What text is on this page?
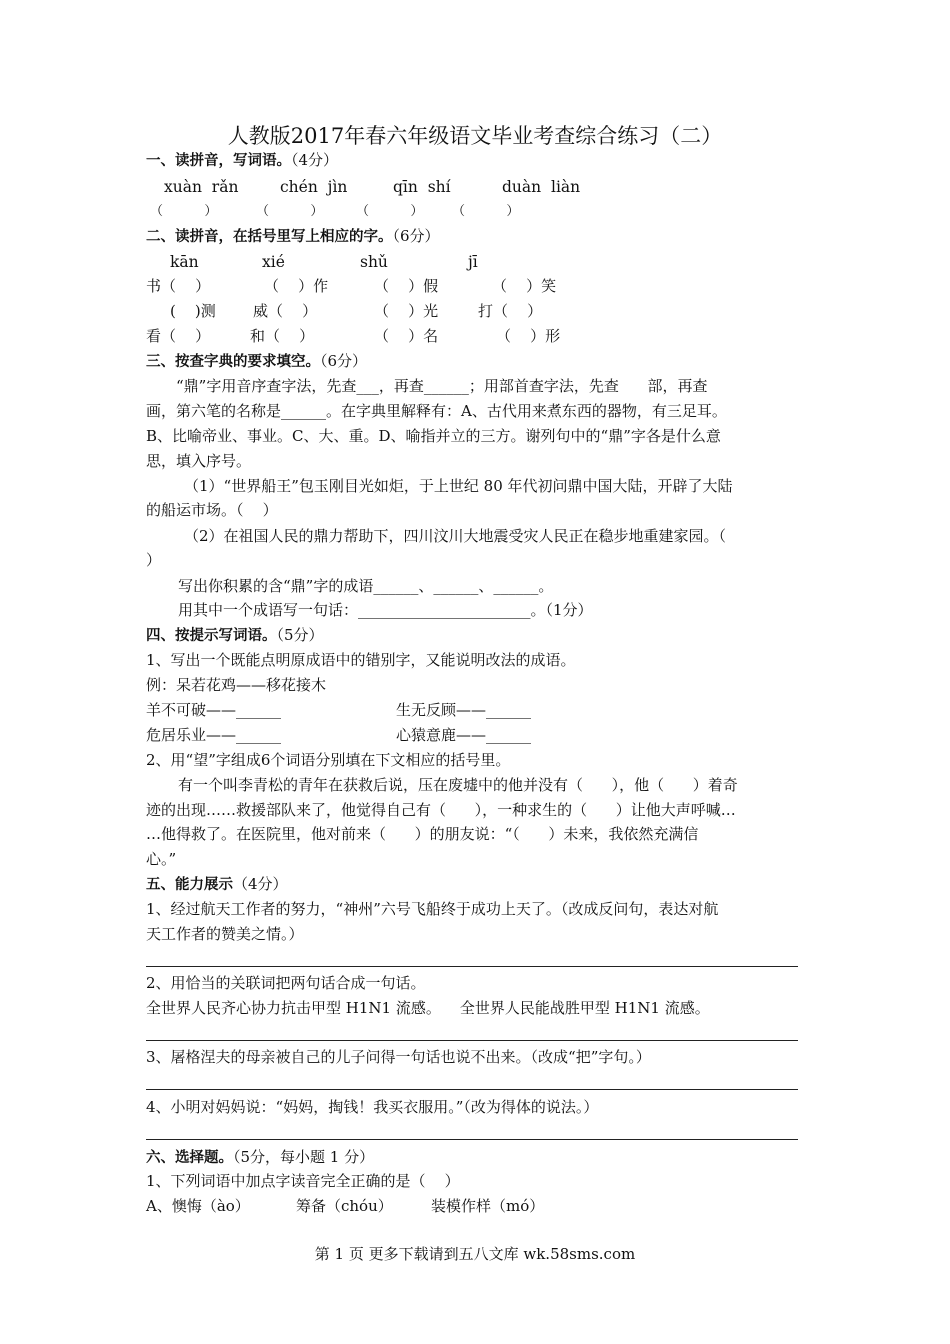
人教版2017年春六年级语文毕业考查综合练习（二）
一、读拼音，写词语。（4分）
xuàn  rǎn	chén  jìn	qīn  shí	duàn  liàn
（          ）	（          ）	（          ） （          ）
二、读拼音，在括号里写上相应的字。（6分）
kān	xié	shǔ	jī
书（    ）	（    ）作	（    ）假	（    ）笑
(    )测 威（    ）	（    ）光	打（    ）
看（    ）	和（    ）	（    ）名	（    ）形
三、按查字典的要求填空。（6分）
“鼎”字用音序查字法，先查___，再查______；用部首查字法，先查      部，再查
画，第六笔的名称是______。在字典里解释有：A、古代用来煮东西的器物，有三足耳。
B、比喻帝业、事业。C、大、重。D、喻指并立的三方。谢列句中的“鼎”字各是什么意
思，填入序号。
（1）“世界船王”包玉刚目光如炬，于上世纪 80 年代初问鼎中国大陆，开辟了大陆
的船运市场。（    ）
（2）在祖国人民的鼎力帮助下，四川汶川大地震受灾人民正在稳步地重建家园。（
）
写出你积累的含“鼎”字的成语______、______、______。
用其中一个成语写一句话：_______________________。（1分）
四、按提示写词语。（5分）
1、写出一个既能点明原成语中的错别字，又能说明改法的成语。
例：呆若花鸡——移花接木
羊不可破——______	生无反顾——______
危居乐业——______	心猿意鹿——______
2、用“望”字组成6个词语分别填在下文相应的括号里。
有一个叫李青松的青年在获救后说，压在废墟中的他并没有（      ），他（      ）着奇
迹的出现……救援部队来了，他觉得自己有（      ），一种求生的（      ）让他大声呼喊…
…他得救了。在医院里，他对前来（      ）的朋友说：“（      ）未来，我依然充满信
心。”
五、能力展示（4分）
1、经过航天工作者的努力，“神州”六号飞船终于成功上天了。（改成反问句，表达对航
天工作者的赞美之情。）
2、用恰当的关联词把两句话合成一句话。
全世界人民齐心协力抗击甲型 H1N1 流感。    全世界人民能战胜甲型 H1N1 流感。
3、屠格涅夫的母亲被自己的儿子问得一句话也说不出来。（改成“把”字句。）
4、小明对妈妈说：“妈妈，掏钱！我买衣服用。”（改为得体的说法。）
六、选择题。（5分，每小题 1 分）
1、下列词语中加点字读音完全正确的是（    ）
A、懊悔（ào）	筹备（chóu）	装模作样（mó）
第 1 页 更多下载请到五八文库 wk.58sms.com
